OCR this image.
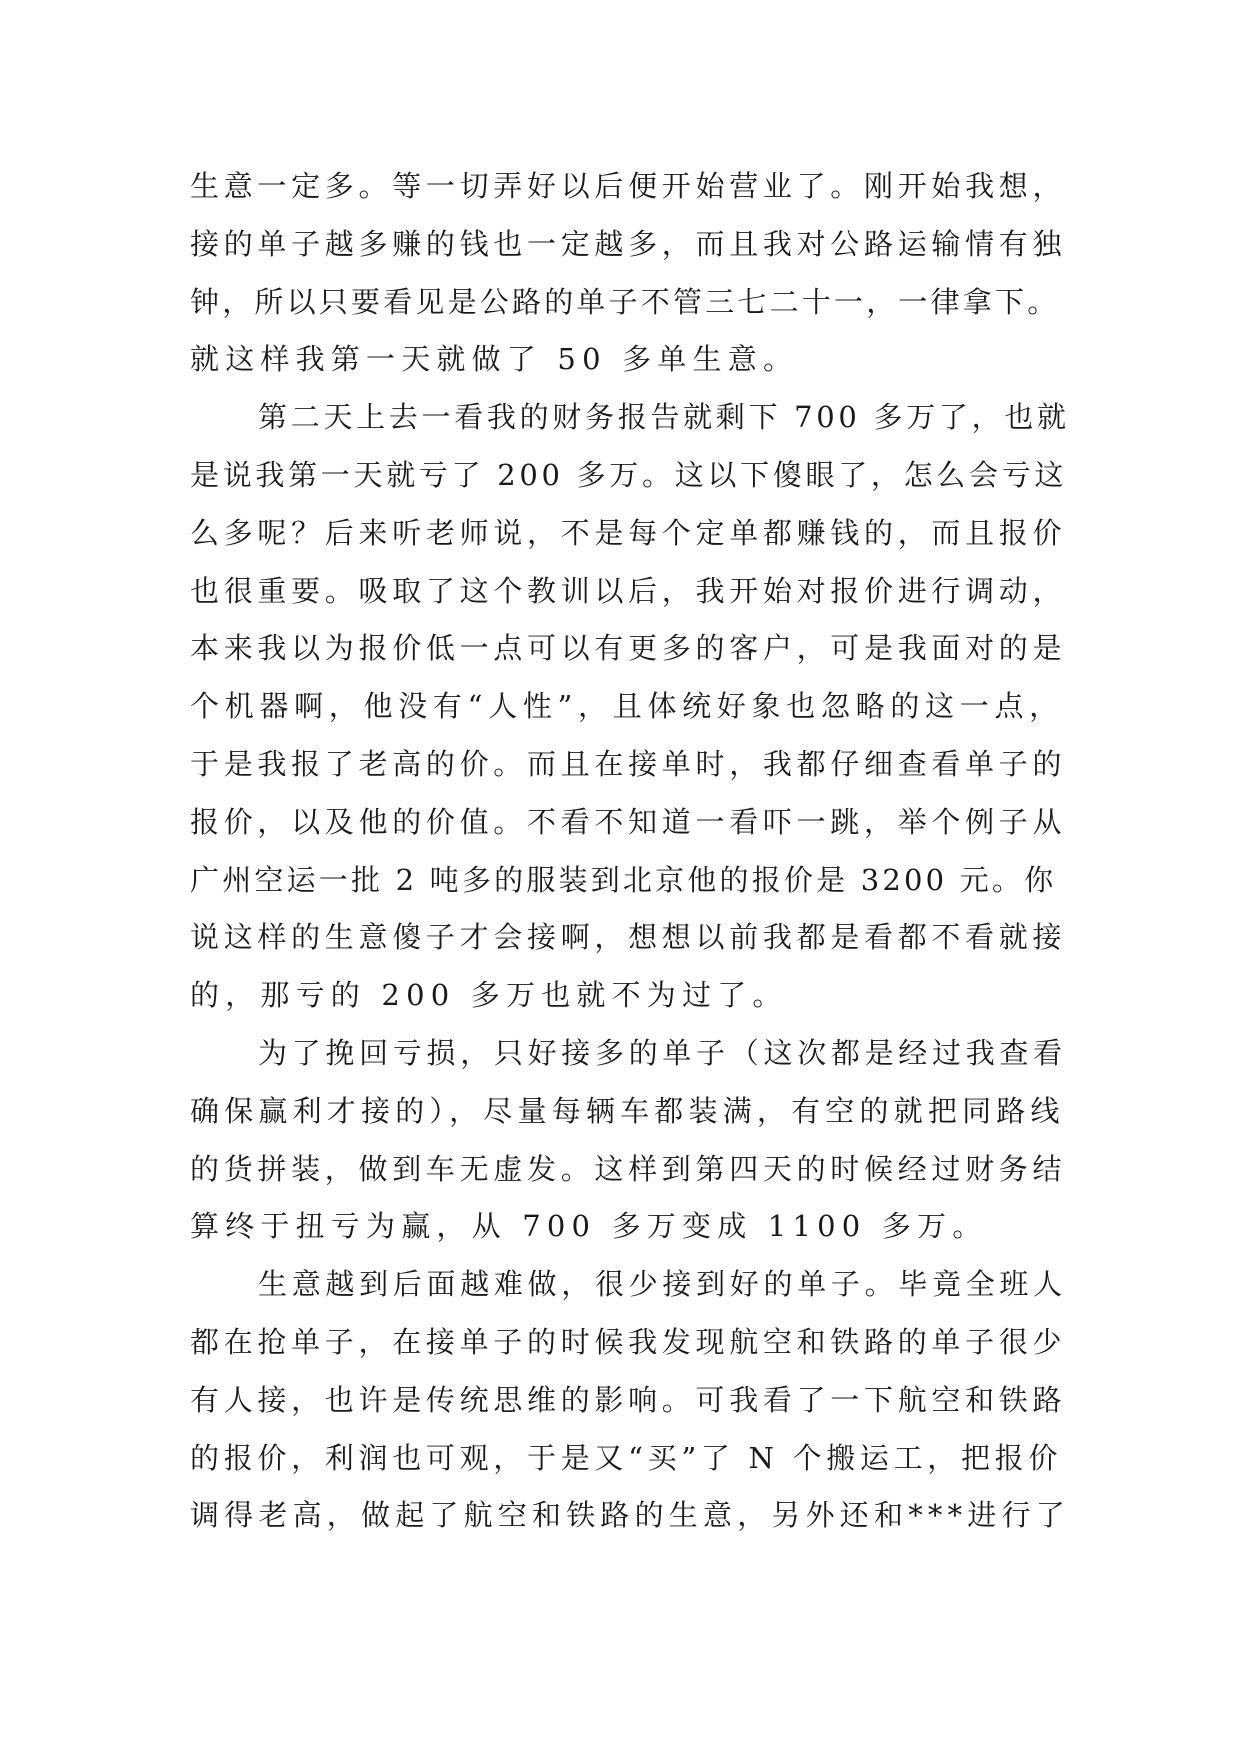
生意一定多。等一切弄好以后便开始营业了。刚开始我想，
接的单子越多赚的钱也一定越多，而且我对公路运输情有独
钟，所以只要看见是公路的单子不管三七二十一，一律拿下。
就这样我第一天就做了 50 多单生意。
第二天上去一看我的财务报告就剩下 700 多万了，也就
是说我第一天就亏了 200 多万。这以下傻眼了，怎么会亏这
么多呢？后来听老师说，不是每个定单都赚钱的，而且报价
也很重要。吸取了这个教训以后，我开始对报价进行调动，
本来我以为报价低一点可以有更多的客户，可是我面对的是
个机器啊，他没有“人性”，且体统好象也忽略的这一点，
于是我报了老高的价。而且在接单时，我都仔细查看单子的
报价，以及他的价值。不看不知道一看吓一跳，举个例子从
广州空运一批 2 吨多的服装到北京他的报价是 3200 元。你
说这样的生意傻子才会接啊，想想以前我都是看都不看就接
的，那亏的 200 多万也就不为过了。
为了挽回亏损，只好接多的单子（这次都是经过我查看
确保赢利才接的），尽量每辆车都装满，有空的就把同路线
的货拼装，做到车无虚发。这样到第四天的时候经过财务结
算终于扭亏为赢，从 700 多万变成 1100 多万。
生意越到后面越难做，很少接到好的单子。毕竟全班人
都在抢单子，在接单子的时候我发现航空和铁路的单子很少
有人接，也许是传统思维的影响。可我看了一下航空和铁路
的报价，利润也可观，于是又“买”了 N 个搬运工，把报价
调得老高，做起了航空和铁路的生意，另外还和***进行了
